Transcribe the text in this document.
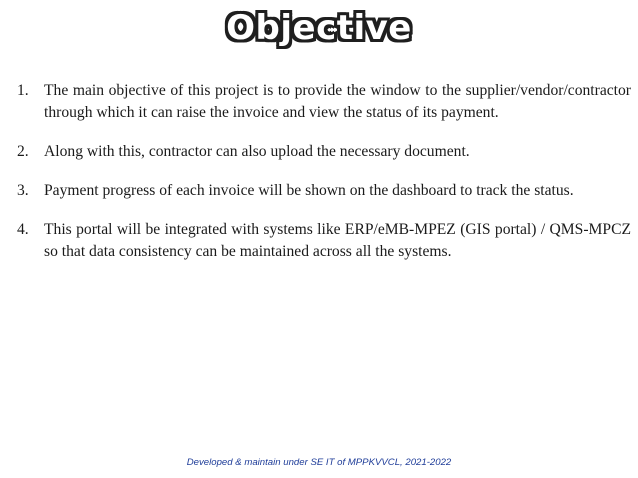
Objective
1. The main objective of this project is to provide the window to the supplier/vendor/contractor through which it can raise the invoice and view the status of its payment.
2. Along with this, contractor can also upload the necessary document.
3. Payment progress of each invoice will be shown on the dashboard to track the status.
4. This portal will be integrated with systems like ERP/eMB-MPEZ (GIS portal) / QMS-MPCZ so that data consistency can be maintained across all the systems.
Developed & maintain under SE IT of MPPKVVCL, 2021-2022
